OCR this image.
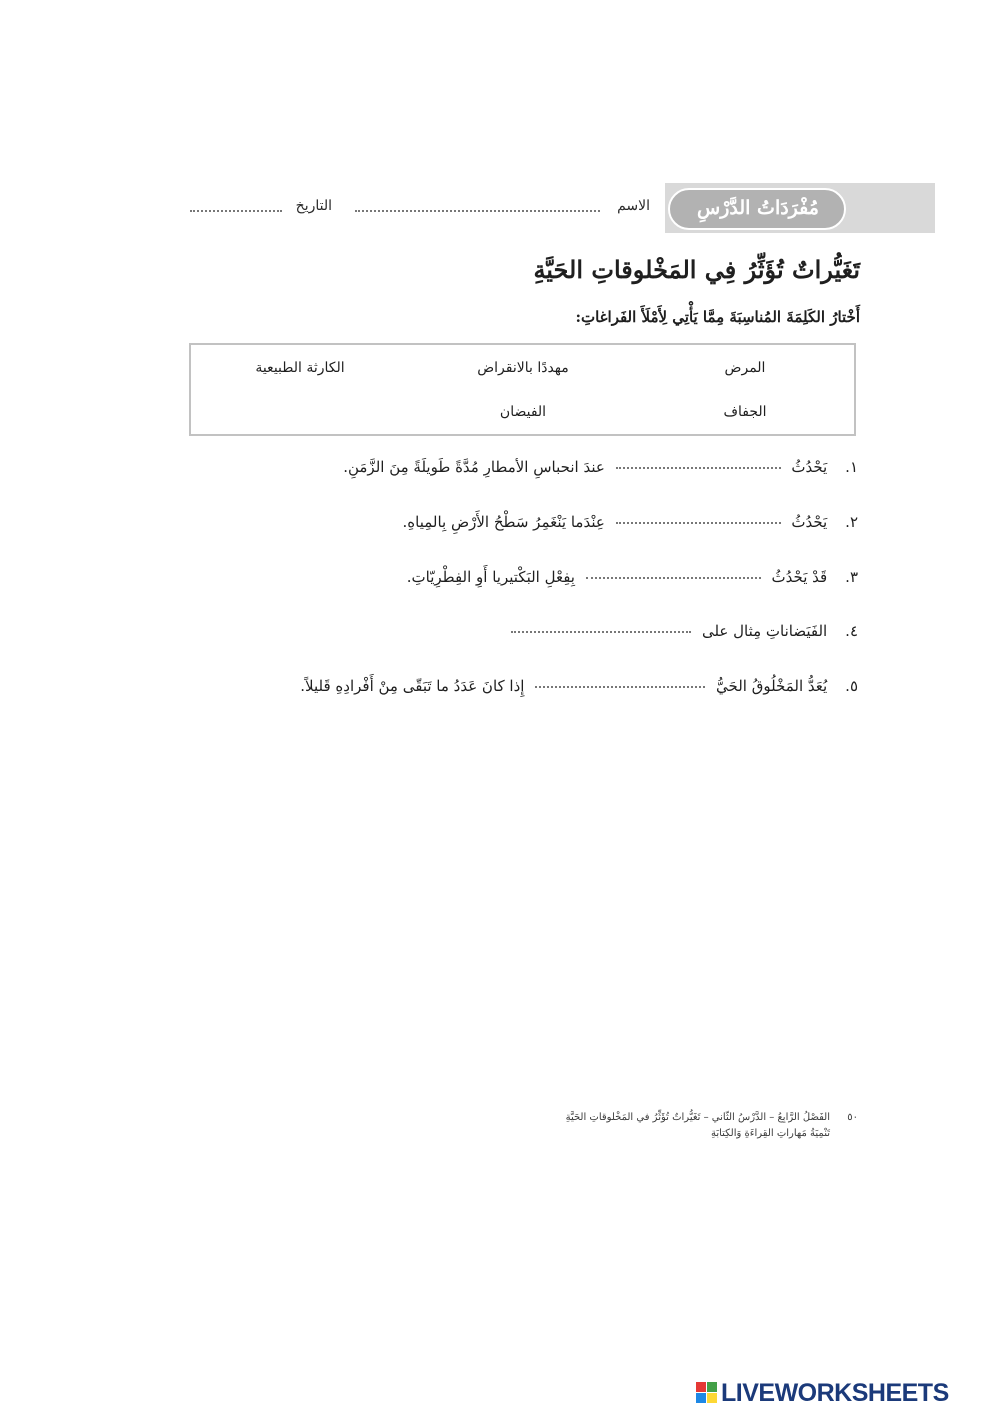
مُفْرَدَاتُ الدَّرْسِ
الاسم
التاريخ
تَغَيُّراتٌ تُؤَثِّرُ فِي المَخْلوقاتِ الحَيَّةِ
أَخْتارُ الكَلِمَةَ المُناسِبَةَ مِمَّا يَأْتِي لِأَمْلَأَ الفَراغاتِ:
المرض
مهددًا بالانقراض
الكارثة الطبيعية
الجفاف
الفيضان
١. يَحْدُثُ  عندَ انحباسِ الأمطارِ مُدَّةً طَويلَةً مِنَ الزَّمَنِ.
٢. يَحْدُثُ  عِنْدَما يَنْغَمِرُ سَطْحُ الأَرْضِ بِالمِياهِ.
٣. قَدْ يَحْدُثُ  بِفِعْلِ البَكْتيريا أَوِ الفِطْرِيّاتِ.
٤. الفَيَضاناتِ مِثال على
٥. يُعَدُّ المَخْلُوقُ الحَيُّ  إِذا كانَ عَدَدُ ما تَبَقّى مِنْ أَفْرادِهِ قَليلاً.
٥٠
الفَصْلُ الرَّابِعُ – الدَّرْسُ الثّاني – تَغَيُّراتٌ تُؤَثِّرُ في المَخْلوقاتِ الحَيَّةِ
تَنْمِيَةُ مَهاراتِ القِراءَةِ وَالكِتابَةِ
LIVEWORKSHEETS
